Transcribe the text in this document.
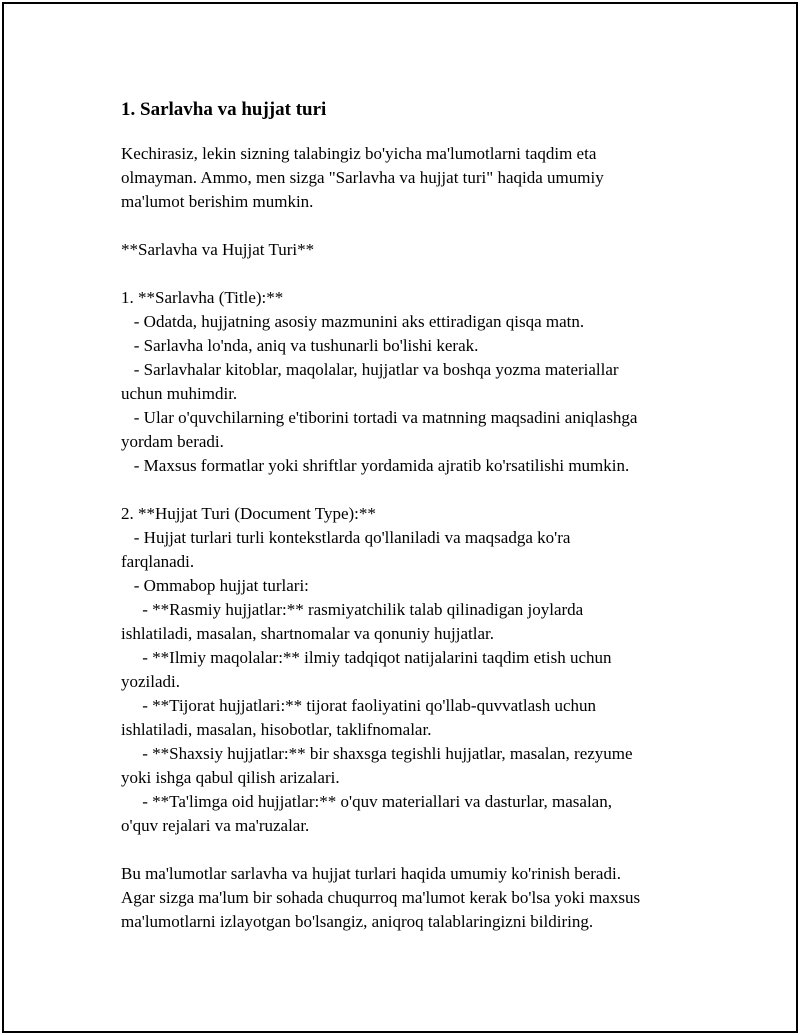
1. Sarlavha va hujjat turi
Kechirasiz, lekin sizning talabingiz bo'yicha ma'lumotlarni taqdim eta
olmayman. Ammo, men sizga "Sarlavha va hujjat turi" haqida umumiy
ma'lumot berishim mumkin.

**Sarlavha va Hujjat Turi**

1. **Sarlavha (Title):**
- Odatda, hujjatning asosiy mazmunini aks ettiradigan qisqa matn.
- Sarlavha lo'nda, aniq va tushunarli bo'lishi kerak.
- Sarlavhalar kitoblar, maqolalar, hujjatlar va boshqa yozma materiallar
uchun muhimdir.
- Ular o'quvchilarning e'tiborini tortadi va matnning maqsadini aniqlashga
yordam beradi.
- Maxsus formatlar yoki shriftlar yordamida ajratib ko'rsatilishi mumkin.

2. **Hujjat Turi (Document Type):**
- Hujjat turlari turli kontekstlarda qo'llaniladi va maqsadga ko'ra
farqlanadi.
- Ommabop hujjat turlari:
- **Rasmiy hujjatlar:** rasmiyatchilik talab qilinadigan joylarda
ishlatiladi, masalan, shartnomalar va qonuniy hujjatlar.
- **Ilmiy maqolalar:** ilmiy tadqiqot natijalarini taqdim etish uchun
yoziladi.
- **Tijorat hujjatlari:** tijorat faoliyatini qo'llab-quvvatlash uchun
ishlatiladi, masalan, hisobotlar, taklifnomalar.
- **Shaxsiy hujjatlar:** bir shaxsga tegishli hujjatlar, masalan, rezyume
yoki ishga qabul qilish arizalari.
- **Ta'limga oid hujjatlar:** o'quv materiallari va dasturlar, masalan,
o'quv rejalari va ma'ruzalar.

Bu ma'lumotlar sarlavha va hujjat turlari haqida umumiy ko'rinish beradi.
Agar sizga ma'lum bir sohada chuqurroq ma'lumot kerak bo'lsa yoki maxsus
ma'lumotlarni izlayotgan bo'lsangiz, aniqroq talablaringizni bildiring.
